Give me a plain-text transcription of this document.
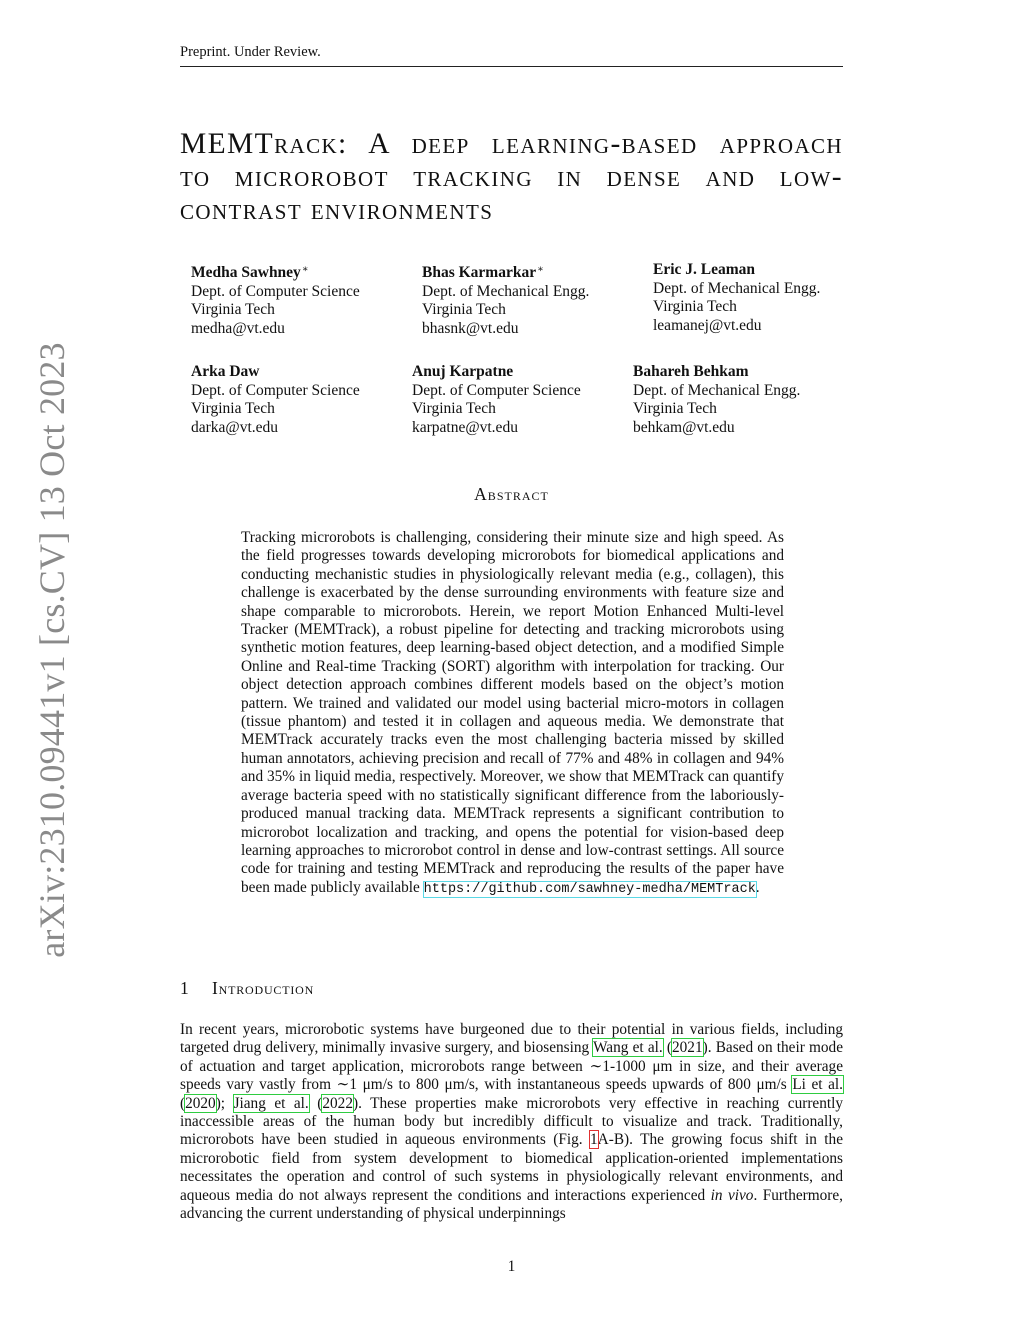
Preprint. Under Review.
arXiv:2310.09441v1 [cs.CV] 13 Oct 2023
MEMTrack: A deep learning-based approach
to microrobot tracking in dense and low-
contrast environments
Medha Sawhney∗
Dept. of Computer Science
Virginia Tech
medha@vt.edu
Bhas Karmarkar∗
Dept. of Mechanical Engg.
Virginia Tech
bhasnk@vt.edu
Eric J. Leaman
Dept. of Mechanical Engg.
Virginia Tech
leamanej@vt.edu
Arka Daw
Dept. of Computer Science
Virginia Tech
darka@vt.edu
Anuj Karpatne
Dept. of Computer Science
Virginia Tech
karpatne@vt.edu
Bahareh Behkam
Dept. of Mechanical Engg.
Virginia Tech
behkam@vt.edu
Abstract
Tracking microrobots is challenging, considering their minute size and high speed. As the field progresses towards developing microrobots for biomedical applications and conducting mechanistic studies in physiologically relevant media (e.g., collagen), this challenge is exacerbated by the dense surrounding environments with feature size and shape comparable to microrobots. Herein, we report Motion Enhanced Multi-level Tracker (MEMTrack), a robust pipeline for detecting and tracking microrobots using synthetic motion features, deep learning-based object detection, and a modified Simple Online and Real-time Tracking (SORT) algorithm with interpolation for tracking. Our object detection approach combines different models based on the object’s motion pattern. We trained and validated our model using bacterial micro-motors in collagen (tissue phantom) and tested it in collagen and aqueous media. We demonstrate that MEMTrack accurately tracks even the most challenging bacteria missed by skilled human annotators, achieving precision and recall of 77% and 48% in collagen and 94% and 35% in liquid media, respectively. Moreover, we show that MEMTrack can quantify average bacteria speed with no statistically significant difference from the laboriously-produced manual tracking data. MEMTrack represents a significant contribution to microrobot localization and tracking, and opens the potential for vision-based deep learning approaches to microrobot control in dense and low-contrast settings. All source code for training and testing MEMTrack and reproducing the results of the paper have been made publicly available https://github.com/sawhney-medha/MEMTrack.
1 Introduction
In recent years, microrobotic systems have burgeoned due to their potential in various fields, including targeted drug delivery, minimally invasive surgery, and biosensing Wang et al. (2021). Based on their mode of actuation and target application, microrobots range between ∼1-1000 μm in size, and their average speeds vary vastly from ∼1 μm/s to 800 μm/s, with instantaneous speeds upwards of 800 μm/s Li et al. (2020); Jiang et al. (2022). These properties make microrobots very effective in reaching currently inaccessible areas of the human body but incredibly difficult to visualize and track. Traditionally, microrobots have been studied in aqueous environments (Fig. 1A-B). The growing focus shift in the microrobotic field from system development to biomedical application-oriented implementations necessitates the operation and control of such systems in physiologically relevant environments, and aqueous media do not always represent the conditions and interactions experienced in vivo. Furthermore, advancing the current understanding of physical underpinnings
1
